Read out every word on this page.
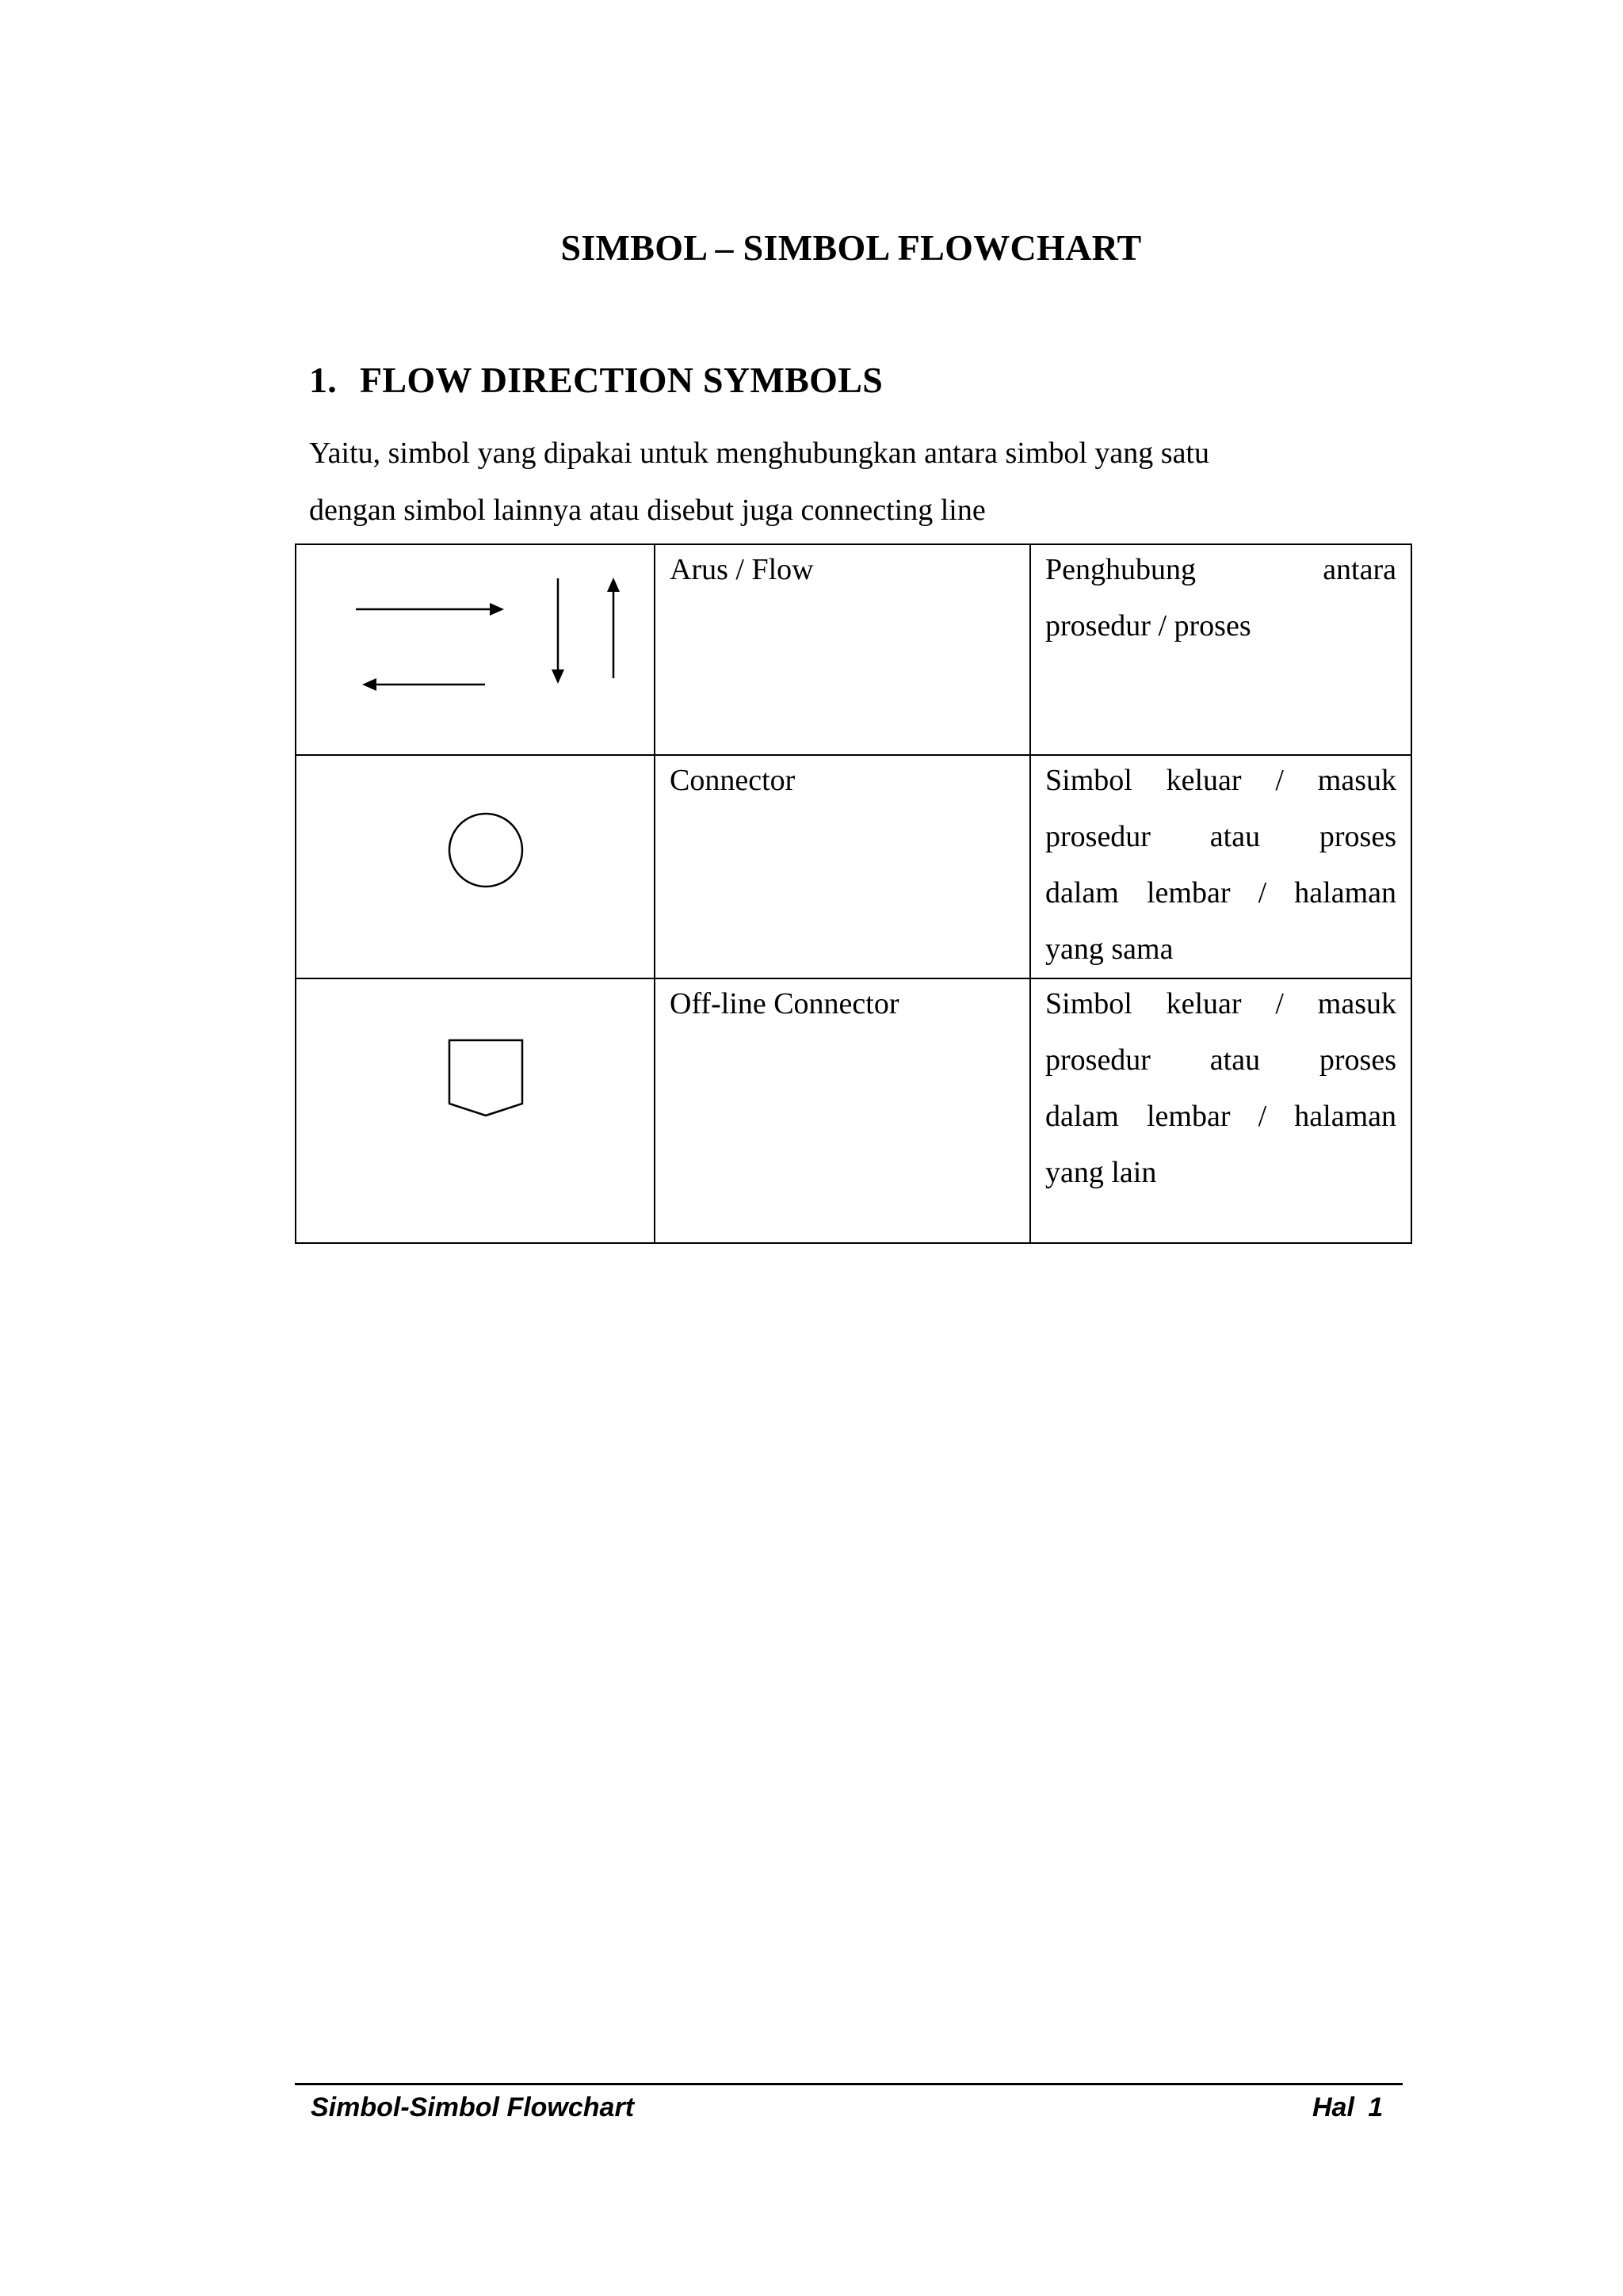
SIMBOL – SIMBOL FLOWCHART
1. FLOW DIRECTION SYMBOLS

Yaitu, simbol yang dipakai untuk menghubungkan antara simbol yang satu
dengan simbol lainnya atau disebut juga connecting line

Arus / Flow	Penghubung antara
prosedur / proses

Connector	Simbol keluar / masuk
prosedur atau proses
dalam lembar / halaman
yang sama

Off-line Connector	Simbol keluar / masuk
prosedur atau proses
dalam lembar / halaman
yang lain
Simbol-Simbol Flowchart	Hal 1
